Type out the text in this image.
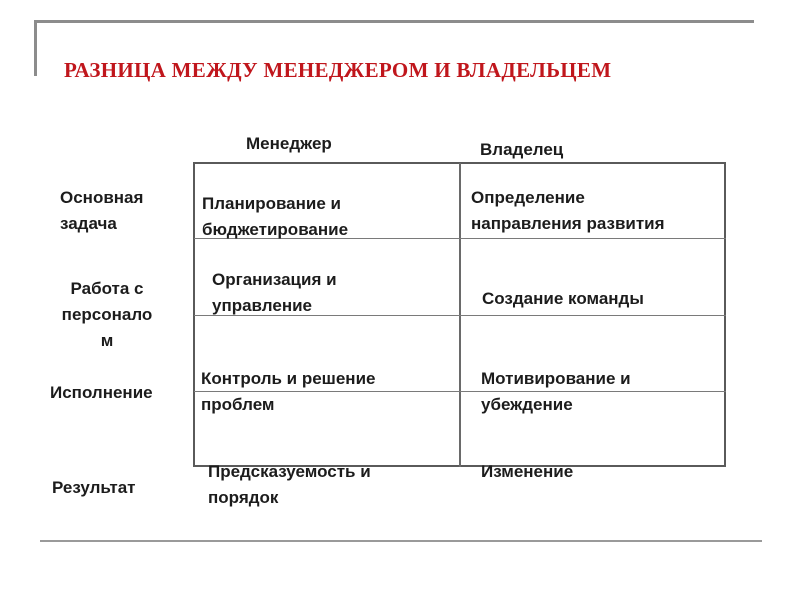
РАЗНИЦА МЕЖДУ МЕНЕДЖЕРОМ И ВЛАДЕЛЬЦЕМ
Менеджер	Владелец
Основная
задача
Планирование и
бюджетирование
Определение
направления развития
Работа с
персонало
м
Организация и
управление	Создание команды
Исполнение
Контроль и решение
проблем
Мотивирование и
убеждение
Результат
Предсказуемость и
порядок
Изменение
